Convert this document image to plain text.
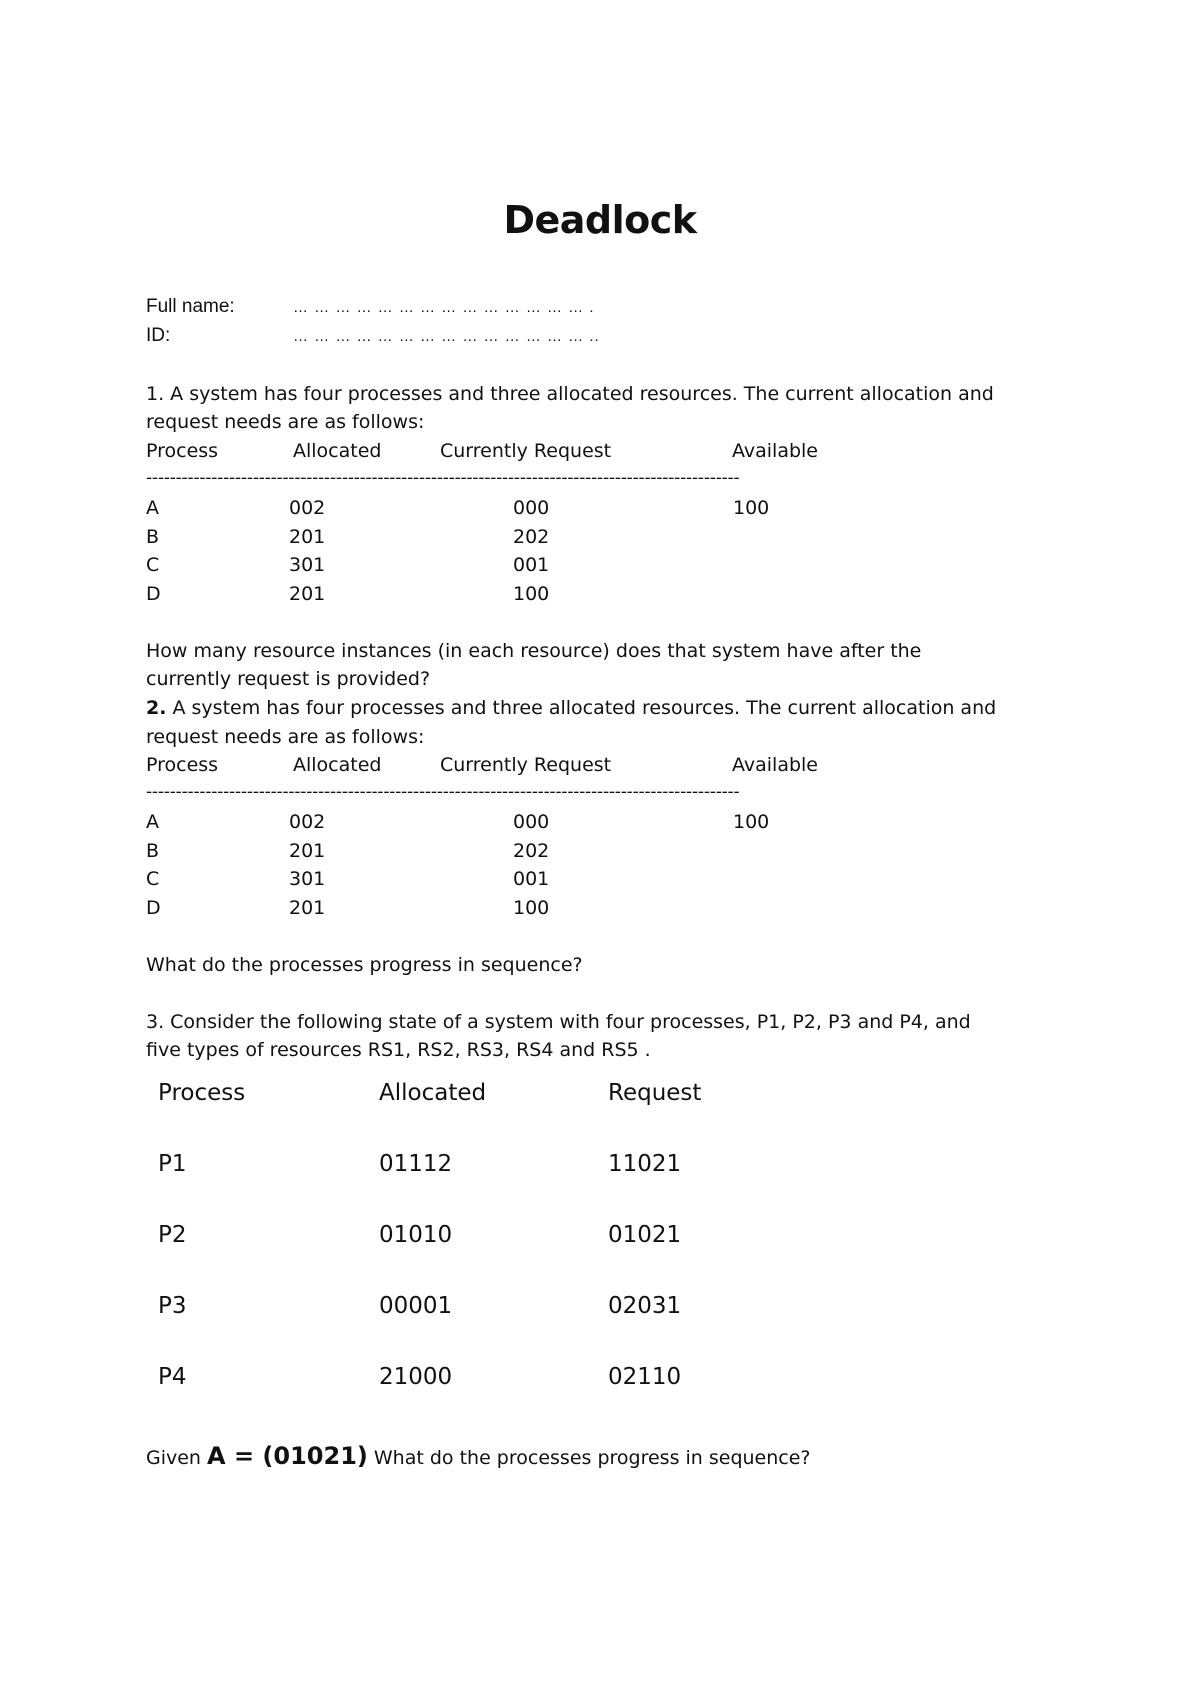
Deadlock
Full name:	… … … … … … … … … … … … … … .
ID:	… … … … … … … … … … … … … … ..
1. A system has four processes and three allocated resources. The current allocation and
request needs are as follows:
Process	Allocated	Currently Request	Available
----------------------------------------------------------------------------------------------------
A	002	000	100
B	201	202
C	301	001
D	201	100
How many resource instances (in each resource) does that system have after the
currently request is provided?
2. A system has four processes and three allocated resources. The current allocation and
request needs are as follows:
Process	Allocated	Currently Request	Available
----------------------------------------------------------------------------------------------------
A	002	000	100
B	201	202
C	301	001
D	201	100
What do the processes progress in sequence?
3. Consider the following state of a system with four processes, P1, P2, P3 and P4, and
five types of resources RS1, RS2, RS3, RS4 and RS5 .
Process	Allocated	Request
P1	01112	11021
P2	01010	01021
P3	00001	02031
P4	21000	02110
Given A = (01021) What do the processes progress in sequence?
